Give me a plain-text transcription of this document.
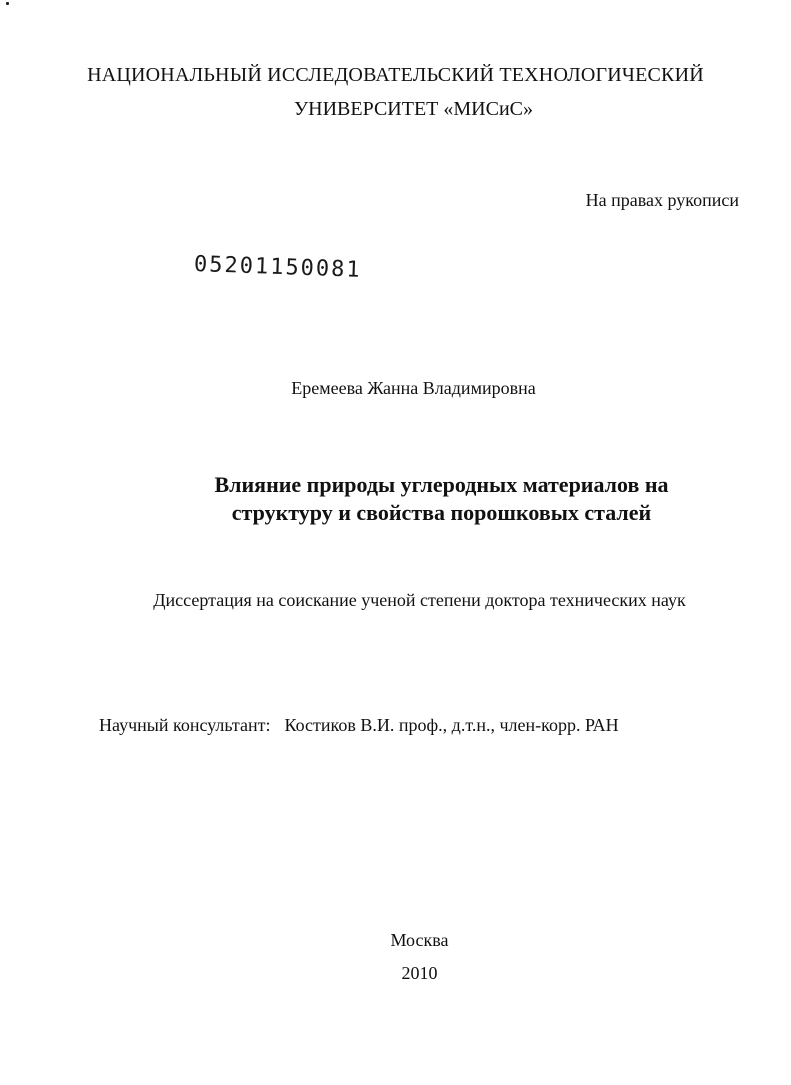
НАЦИОНАЛЬНЫЙ ИССЛЕДОВАТЕЛЬСКИЙ ТЕХНОЛОГИЧЕСКИЙ
УНИВЕРСИТЕТ «МИСиС»
На правах рукописи
05201150081
Еремеева Жанна Владимировна
Влияние природы углеродных материалов на
структуру и свойства порошковых сталей
Диссертация на соискание ученой степени доктора технических наук
Научный консультант: Костиков В.И. проф., д.т.н., член-корр. РАН
Москва
2010
